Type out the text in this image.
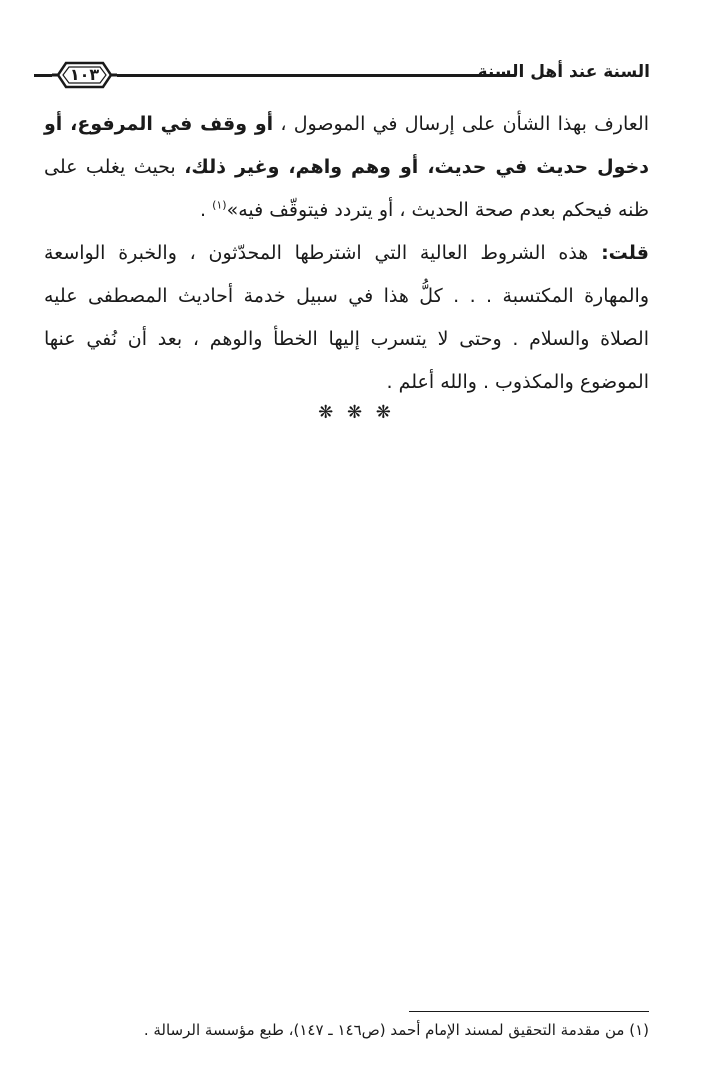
١٠٣	السنة عند أهل السنة
العارف بهذا الشأن على إرسال في الموصول ، أو وقف في المرفوع، أو دخول حديث في حديث، أو وهم واهم، وغير ذلك، بحيث يغلب على ظنه فيحكم بعدم صحة الحديث ، أو يتردد فيتوقّف فيه»$^{(١)}$ .
قلت: هذه الشروط العالية التي اشترطها المحدّثون ، والخبرة الواسعة والمهارة المكتسبة . . . كلُّ هذا في سبيل خدمة أحاديث المصطفى عليه الصلاة والسلام . وحتى لا يتسرب إليها الخطأ والوهم ، بعد أن نُفي عنها الموضوع والمكذوب . والله أعلم .
❋ ❋ ❋
(١) من مقدمة التحقيق لمسند الإمام أحمد (ص١٤٦ ـ ١٤٧)، طبع مؤسسة الرسالة .
